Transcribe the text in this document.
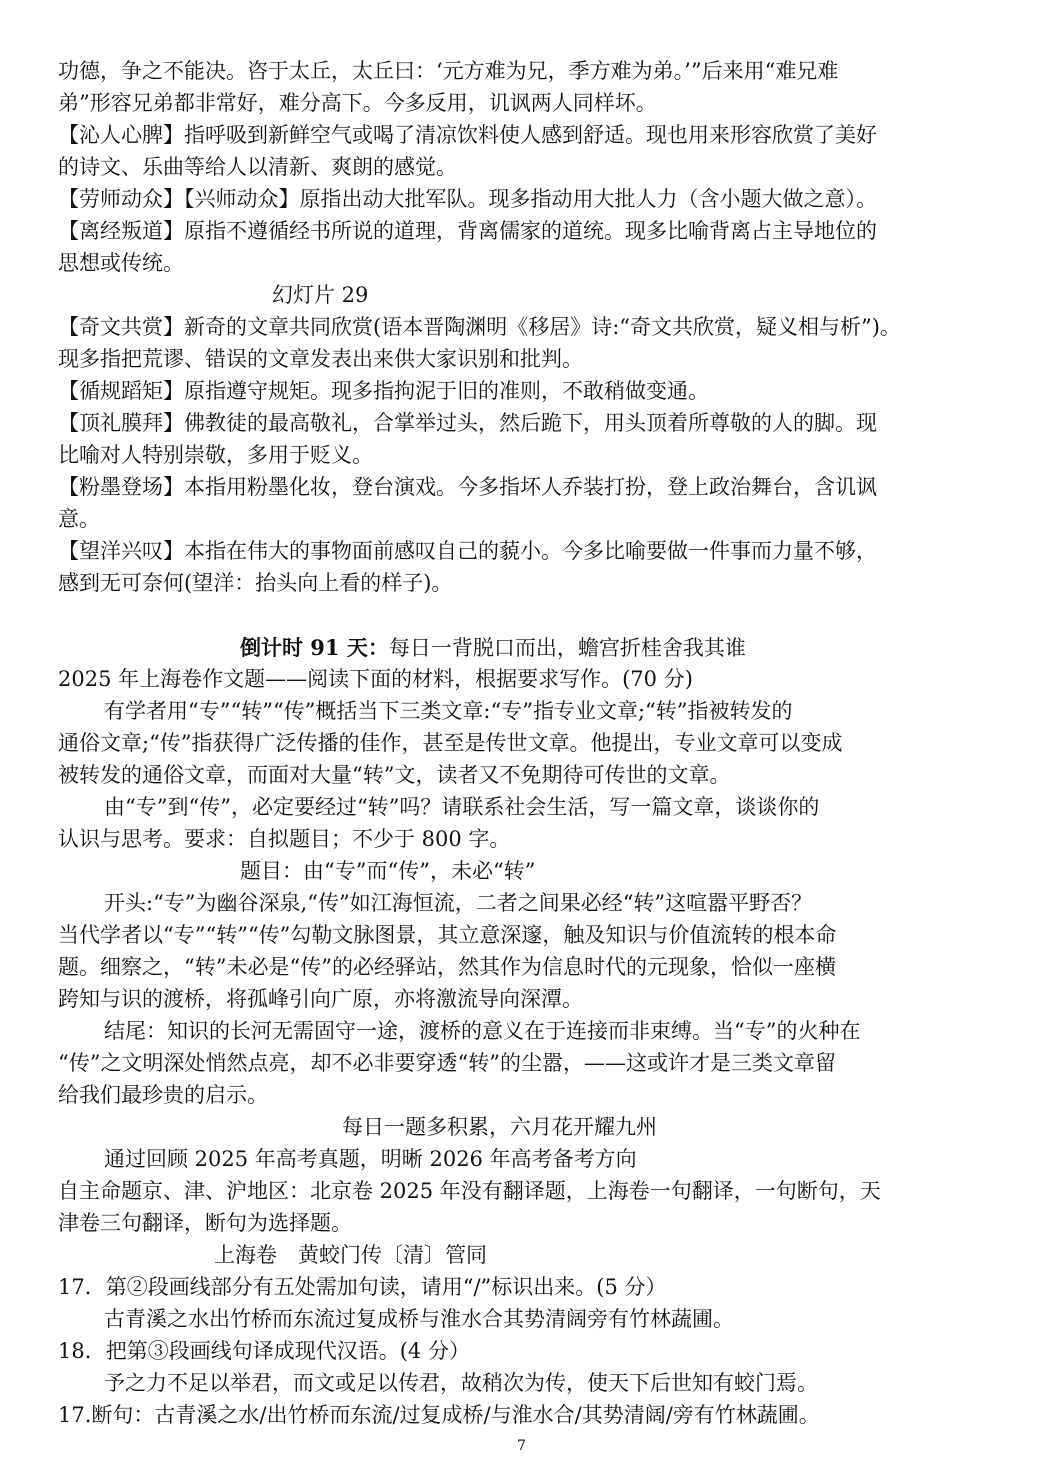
功德，争之不能决。咨于太丘，太丘曰：‘元方难为兄，季方难为弟。’”后来用“难兄难
弟”形容兄弟都非常好，难分高下。今多反用，讥讽两人同样坏。
【沁人心脾】指呼吸到新鲜空气或喝了清凉饮料使人感到舒适。现也用来形容欣赏了美好
的诗文、乐曲等给人以清新、爽朗的感觉。
【劳师动众】【兴师动众】原指出动大批军队。现多指动用大批人力（含小题大做之意）。
【离经叛道】原指不遵循经书所说的道理，背离儒家的道统。现多比喻背离占主导地位的
思想或传统。
幻灯片 29
【奇文共赏】新奇的文章共同欣赏(语本晋陶渊明《移居》诗:“奇文共欣赏，疑义相与析”)。
现多指把荒谬、错误的文章发表出来供大家识别和批判。
【循规蹈矩】原指遵守规矩。现多指拘泥于旧的准则，不敢稍做变通。
【顶礼膜拜】佛教徒的最高敬礼，合掌举过头，然后跪下，用头顶着所尊敬的人的脚。现
比喻对人特别崇敬，多用于贬义。
【粉墨登场】本指用粉墨化妆，登台演戏。今多指坏人乔装打扮，登上政治舞台，含讥讽
意。
【望洋兴叹】本指在伟大的事物面前感叹自己的藐小。今多比喻要做一件事而力量不够，
感到无可奈何(望洋：抬头向上看的样子)。
倒计时 91 天：每日一背脱口而出，蟾宫折桂舍我其谁
2025 年上海卷作文题——阅读下面的材料，根据要求写作。(70 分)
有学者用“专”“转”“传”概括当下三类文章:“专”指专业文章;“转”指被转发的
通俗文章;“传”指获得广泛传播的佳作，甚至是传世文章。他提出，专业文章可以变成
被转发的通俗文章，而面对大量“转”文，读者又不免期待可传世的文章。
由“专”到“传”，必定要经过“转”吗？请联系社会生活，写一篇文章，谈谈你的
认识与思考。要求：自拟题目；不少于 800 字。
题目：由“专”而“传”，未必“转”
开头:“专”为幽谷深泉,“传”如江海恒流，二者之间果必经“转”这喧嚣平野否？
当代学者以“专”“转”“传”勾勒文脉图景，其立意深邃，触及知识与价值流转的根本命
题。细察之，“转”未必是“传”的必经驿站，然其作为信息时代的元现象，恰似一座横
跨知与识的渡桥，将孤峰引向广原，亦将激流导向深潭。
结尾：知识的长河无需固守一途，渡桥的意义在于连接而非束缚。当“专”的火种在
“传”之文明深处悄然点亮，却不必非要穿透“转”的尘嚣，——这或许才是三类文章留
给我们最珍贵的启示。
每日一题多积累，六月花开耀九州
通过回顾 2025 年高考真题，明晰 2026 年高考备考方向
自主命题京、津、沪地区：北京卷 2025 年没有翻译题，上海卷一句翻译，一句断句，天
津卷三句翻译，断句为选择题。
上海卷　黄蛟门传〔清〕管同
17．第②段画线部分有五处需加句读，请用“/”标识出来。(5 分）
古青溪之水出竹桥而东流过复成桥与淮水合其势清阔旁有竹林蔬圃。
18．把第③段画线句译成现代汉语。(4 分）
予之力不足以举君，而文或足以传君，故稍次为传，使天下后世知有蛟门焉。
17.断句：古青溪之水/出竹桥而东流/过复成桥/与淮水合/其势清阔/旁有竹林蔬圃。
7
